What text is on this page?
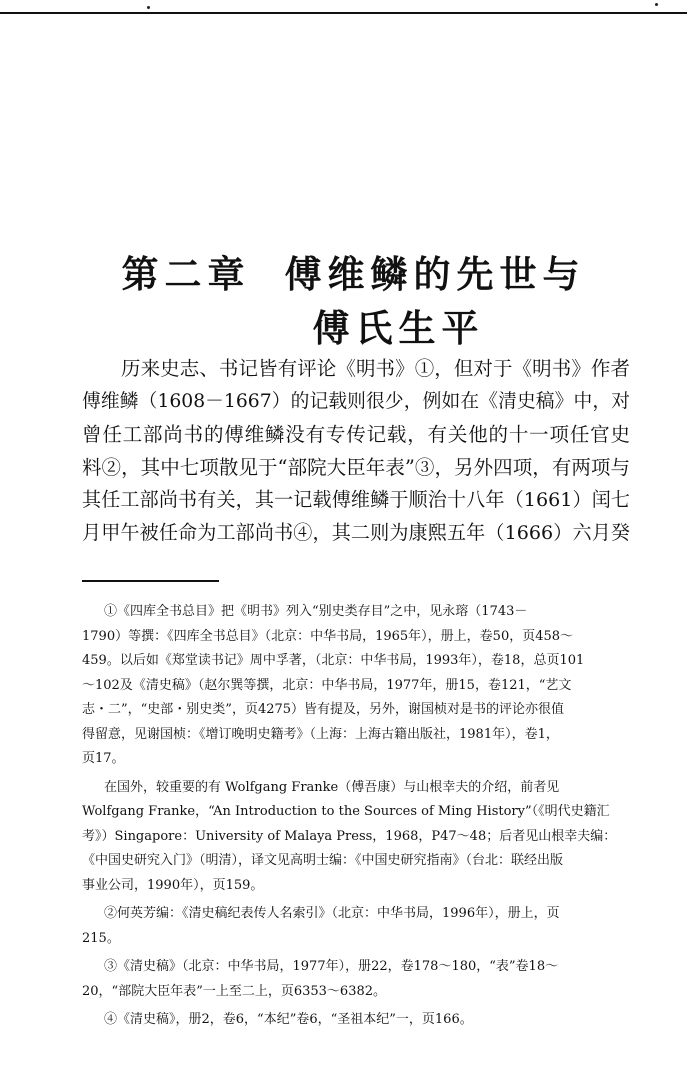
第二章 傅维鳞的先世与
傅氏生平
历来史志、书记皆有评论《明书》①，但对于《明书》作者
傅维鳞（1608－1667）的记载则很少，例如在《清史稿》中，对
曾任工部尚书的傅维鳞没有专传记载，有关他的十一项任官史
料②，其中七项散见于“部院大臣年表”③，另外四项，有两项与
其任工部尚书有关，其一记载傅维鳞于顺治十八年（1661）闰七
月甲午被任命为工部尚书④，其二则为康熙五年（1666）六月癸
①《四库全书总目》把《明书》列入“别史类存目”之中，见永瑢（1743－
1790）等撰：《四库全书总目》（北京：中华书局，1965年），册上，卷50，页458～
459。以后如《郑堂读书记》周中孚著，（北京：中华书局，1993年），卷18，总页101
～102及《清史稿》（赵尔巽等撰，北京：中华书局，1977年，册15，卷121，“艺文
志・二”，“史部・别史类”，页4275）皆有提及，另外，谢国桢对是书的评论亦很值
得留意，见谢国桢：《增订晚明史籍考》（上海：上海古籍出版社，1981年），卷1，
页17。
在国外，较重要的有 Wolfgang Franke（傅吾康）与山根幸夫的介绍，前者见
Wolfgang Franke，“An Introduction to the Sources of Ming History”（《明代史籍汇
考》）Singapore：University of Malaya Press，1968，P47～48；后者见山根幸夫编：
《中国史研究入门》（明清），译文见高明士编：《中国史研究指南》（台北：联经出版
事业公司，1990年），页159。
②何英芳编：《清史稿纪表传人名索引》（北京：中华书局，1996年），册上，页
215。
③《清史稿》（北京：中华书局，1977年），册22，卷178～180，“表”卷18～
20，“部院大臣年表”一上至二上，页6353～6382。
④《清史稿》，册2，卷6，“本纪”卷6，“圣祖本纪”一，页166。
